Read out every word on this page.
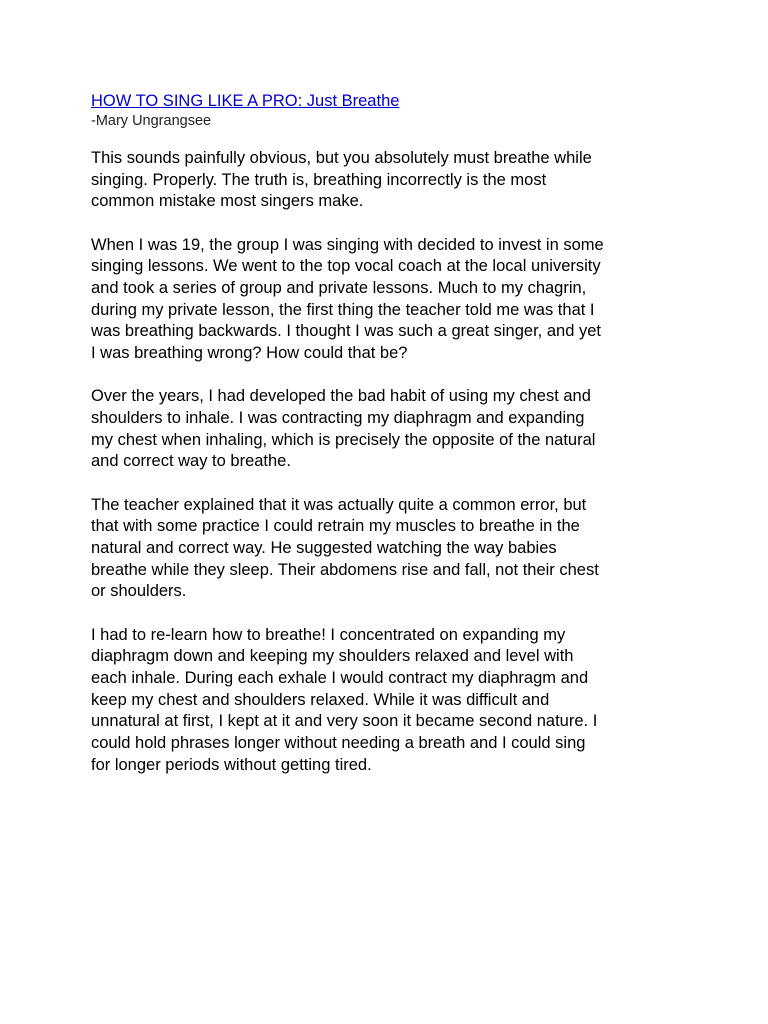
HOW TO SING LIKE A PRO: Just Breathe
-Mary Ungrangsee

This sounds painfully obvious, but you absolutely must breathe while
singing. Properly. The truth is, breathing incorrectly is the most
common mistake most singers make.

When I was 19, the group I was singing with decided to invest in some
singing lessons. We went to the top vocal coach at the local university
and took a series of group and private lessons. Much to my chagrin,
during my private lesson, the first thing the teacher told me was that I
was breathing backwards. I thought I was such a great singer, and yet
I was breathing wrong? How could that be?

Over the years, I had developed the bad habit of using my chest and
shoulders to inhale. I was contracting my diaphragm and expanding
my chest when inhaling, which is precisely the opposite of the natural
and correct way to breathe.

The teacher explained that it was actually quite a common error, but
that with some practice I could retrain my muscles to breathe in the
natural and correct way. He suggested watching the way babies
breathe while they sleep. Their abdomens rise and fall, not their chest
or shoulders.

I had to re-learn how to breathe! I concentrated on expanding my
diaphragm down and keeping my shoulders relaxed and level with
each inhale. During each exhale I would contract my diaphragm and
keep my chest and shoulders relaxed. While it was difficult and
unnatural at first, I kept at it and very soon it became second nature. I
could hold phrases longer without needing a breath and I could sing
for longer periods without getting tired.
